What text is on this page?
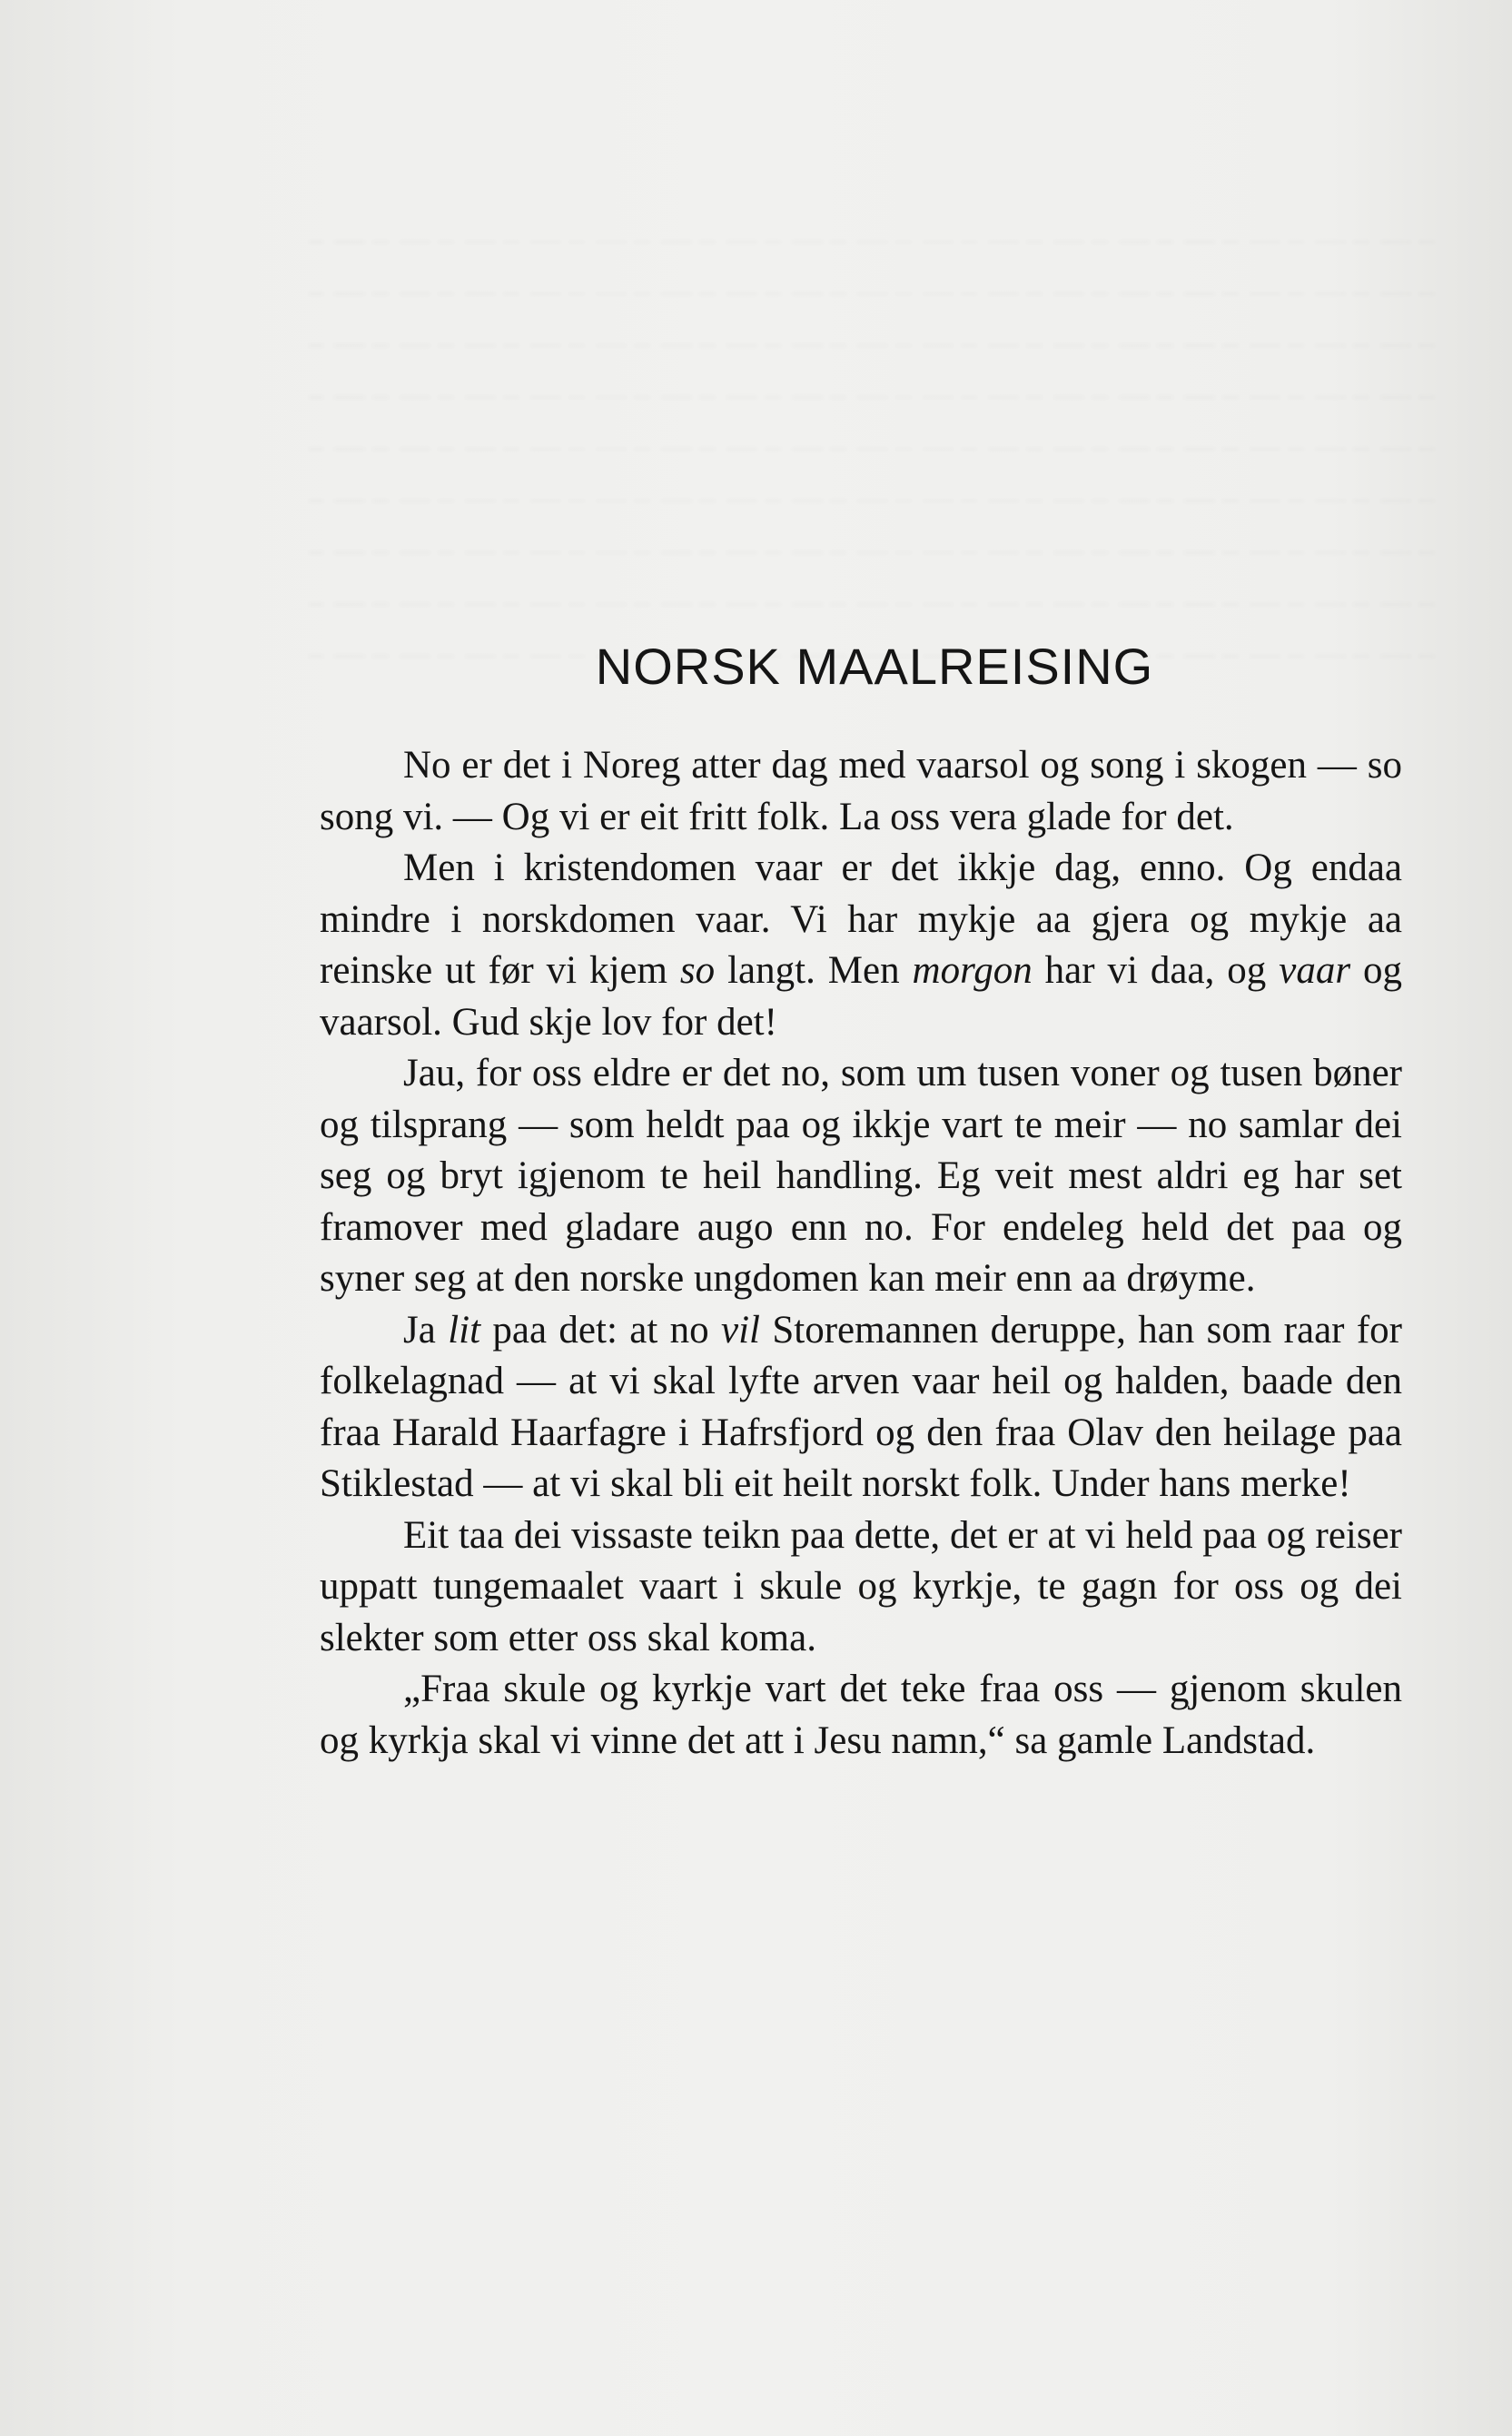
NORSK MAALREISING

No er det i Noreg atter dag med vaarsol og song i skogen — so song vi. — Og vi er eit fritt folk. La oss vera glade for det.

Men i kristendomen vaar er det ikkje dag, enno. Og endaa mindre i norskdomen vaar. Vi har mykje aa gjera og mykje aa reinske ut før vi kjem so langt. Men morgon har vi daa, og vaar og vaarsol. Gud skje lov for det!

Jau, for oss eldre er det no, som um tusen voner og tusen bøner og tilsprang — som heldt paa og ikkje vart te meir — no samlar dei seg og bryt igjenom te heil handling. Eg veit mest aldri eg har set framover med gladare augo enn no. For endeleg held det paa og syner seg at den norske ungdomen kan meir enn aa drøyme.

Ja lit paa det: at no vil Storemannen deruppe, han som raar for folkelagnad — at vi skal lyfte arven vaar heil og halden, baade den fraa Harald Haarfagre i Hafrsfjord og den fraa Olav den heilage paa Stiklestad — at vi skal bli eit heilt norskt folk. Under hans merke!

Eit taa dei vissaste teikn paa dette, det er at vi held paa og reiser uppatt tungemaalet vaart i skule og kyrkje, te gagn for oss og dei slekter som etter oss skal koma.

„Fraa skule og kyrkje vart det teke fraa oss — gjenom skulen og kyrkja skal vi vinne det att i Jesu namn,“ sa gamle Landstad.
